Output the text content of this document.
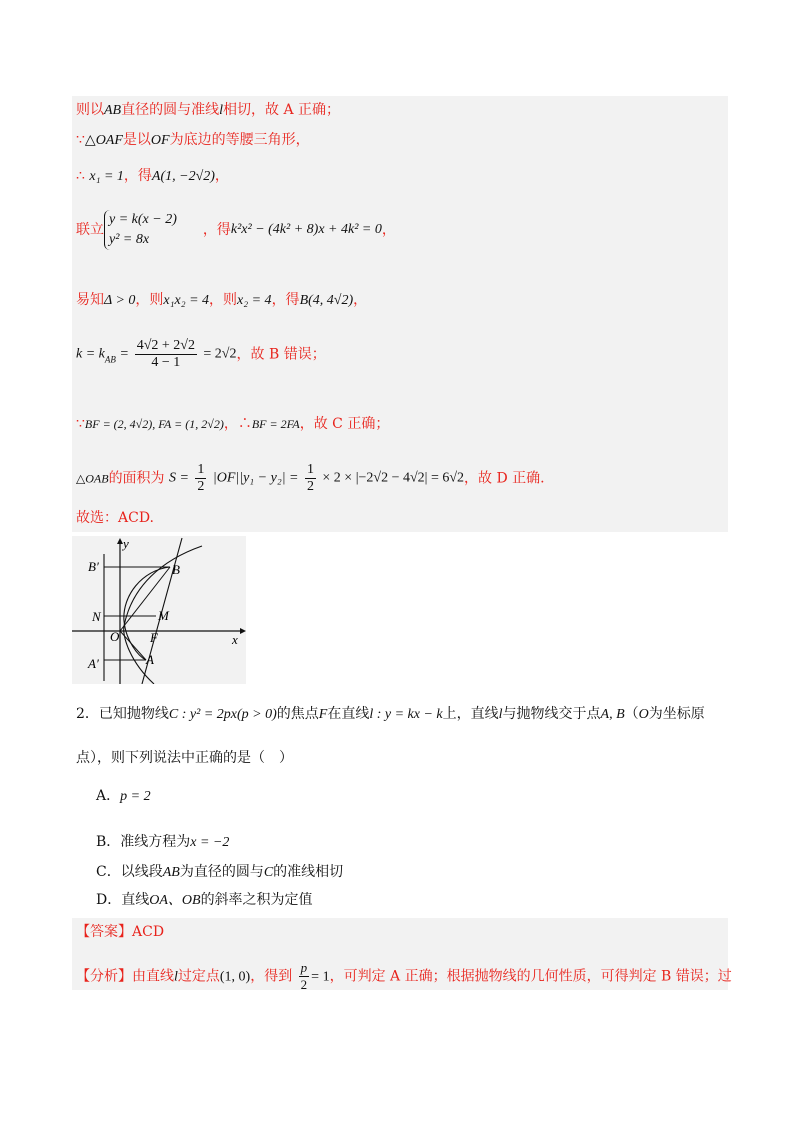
则以AB直径的圆与准线l相切，故 A 正确；
∵△OAF是以OF为底边的等腰三角形，
∴ x₁ = 1，得A(1, −2√2)，
联立
y = k(x − 2)
y² = 8x
，得k²x² − (4k² + 8)x + 4k² = 0，
易知Δ > 0，则x₁x₂ = 4，则x₂ = 4，得B(4, 4√2)，
$k = k_{AB} = \frac{4√2 + 2√2}{4 - 1} = 2√2$，故 B 错误；
∵BF = (2, 4√2), FA = (1, 2√2)，∴BF = 2FA，故 C 正确；
△OAB的面积为 $S = \frac{1}{2} |OF||y_1 - y_2| = \frac{1}{2} \times 2 \times |-2√2 - 4√2| = 6√2$，故 D 正确.
故选：ACD.
y
x
B′	B
N	M
O F
A′	A
2．已知抛物线C : y² = 2px(p > 0)的焦点F在直线l : y = kx − k上，直线l与抛物线交于点A, B（O为坐标原
点），则下列说法中正确的是（　）
A．p = 2
B．准线方程为x = −2
C．以线段AB为直径的圆与C的准线相切
D．直线OA、OB的斜率之积为定值
【答案】ACD
【分析】由直线l过定点(1, 0)，得到 $\frac{p}{2} = 1$，可判定 A 正确；根据抛物线的几何性质，可得判定 B 错误；过
